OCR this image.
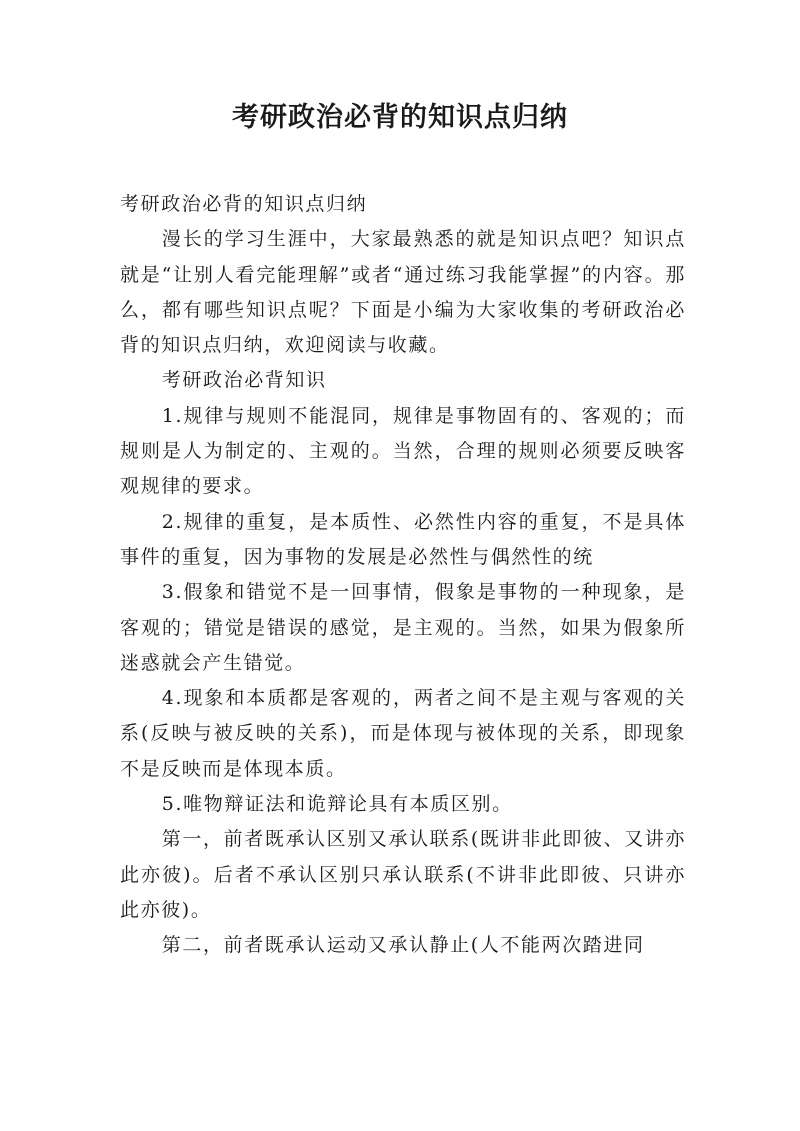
考研政治必背的知识点归纳

考研政治必背的知识点归纳

漫长的学习生涯中，大家最熟悉的就是知识点吧？知识点就是“让别人看完能理解”或者“通过练习我能掌握”的内容。那么，都有哪些知识点呢？下面是小编为大家收集的考研政治必背的知识点归纳，欢迎阅读与收藏。

考研政治必背知识

1.规律与规则不能混同，规律是事物固有的、客观的；而规则是人为制定的、主观的。当然，合理的规则必须要反映客观规律的要求。

2.规律的重复，是本质性、必然性内容的重复，不是具体事件的重复，因为事物的发展是必然性与偶然性的统

3.假象和错觉不是一回事情，假象是事物的一种现象，是客观的；错觉是错误的感觉，是主观的。当然，如果为假象所迷惑就会产生错觉。

4.现象和本质都是客观的，两者之间不是主观与客观的关系(反映与被反映的关系)，而是体现与被体现的关系，即现象不是反映而是体现本质。

5.唯物辩证法和诡辩论具有本质区别。

第一，前者既承认区别又承认联系(既讲非此即彼、又讲亦此亦彼)。后者不承认区别只承认联系(不讲非此即彼、只讲亦此亦彼)。

第二，前者既承认运动又承认静止(人不能两次踏进同
